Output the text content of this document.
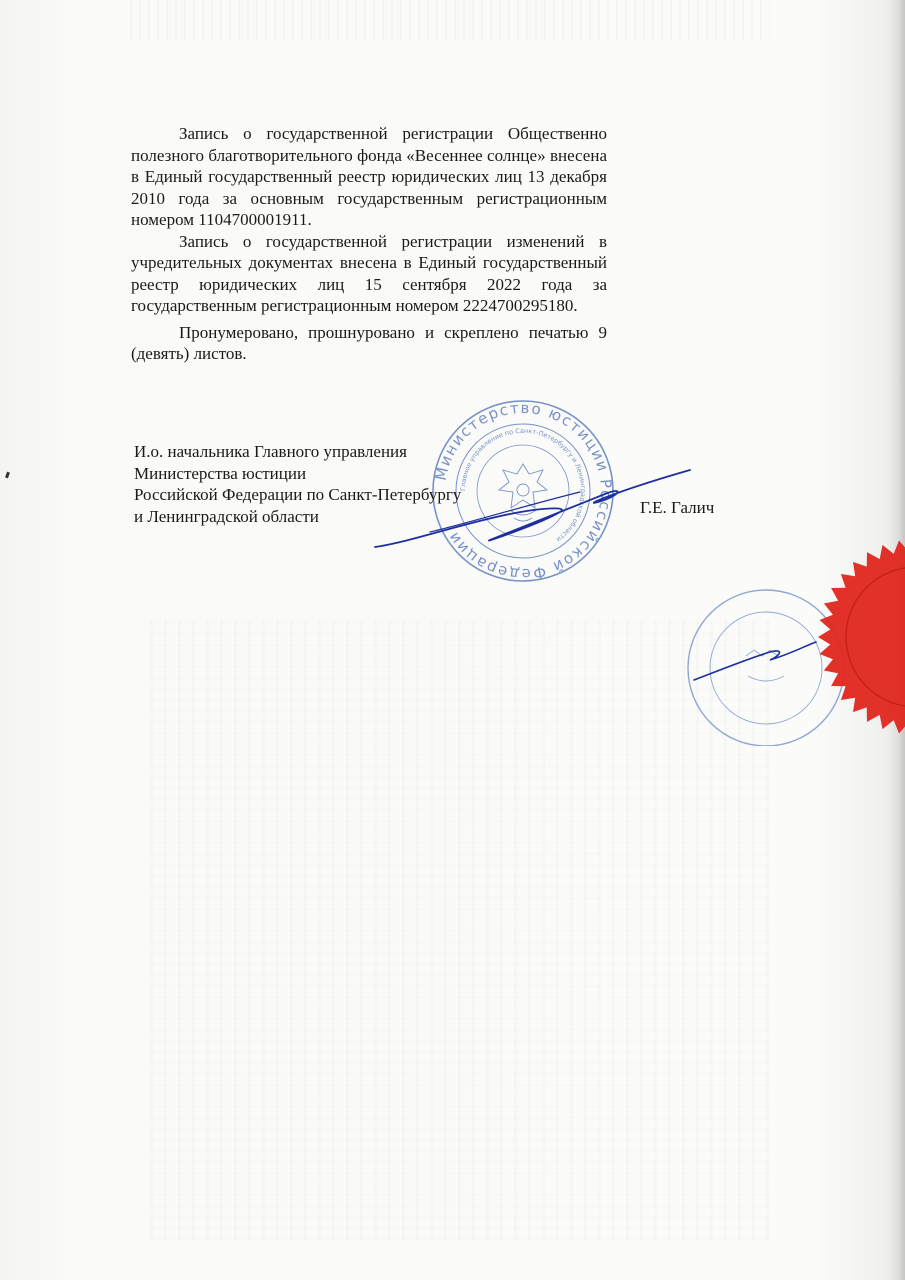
Запись о государственной регистрации Общественно полезного благотворительного фонда «Весеннее солнце» внесена в Единый государственный реестр юридических лиц 13 декабря 2010 года за основным государственным регистрационным номером 1104700001911.

Запись о государственной регистрации изменений в учредительных документах внесена в Единый государственный реестр юридических лиц 15 сентября 2022 года за государственным регистрационным номером 2224700295180.

Пронумеровано, прошнуровано и скреплено печатью 9 (девять) листов.

Министерство юстиции Российской Федерации
Главное управление по Санкт-Петербургу и Ленинградской области
И.о. начальника Главного управления
Министерства юстиции
Российской Федерации по Санкт-Петербургу
и Ленинградской области	Г.Е. Галич
